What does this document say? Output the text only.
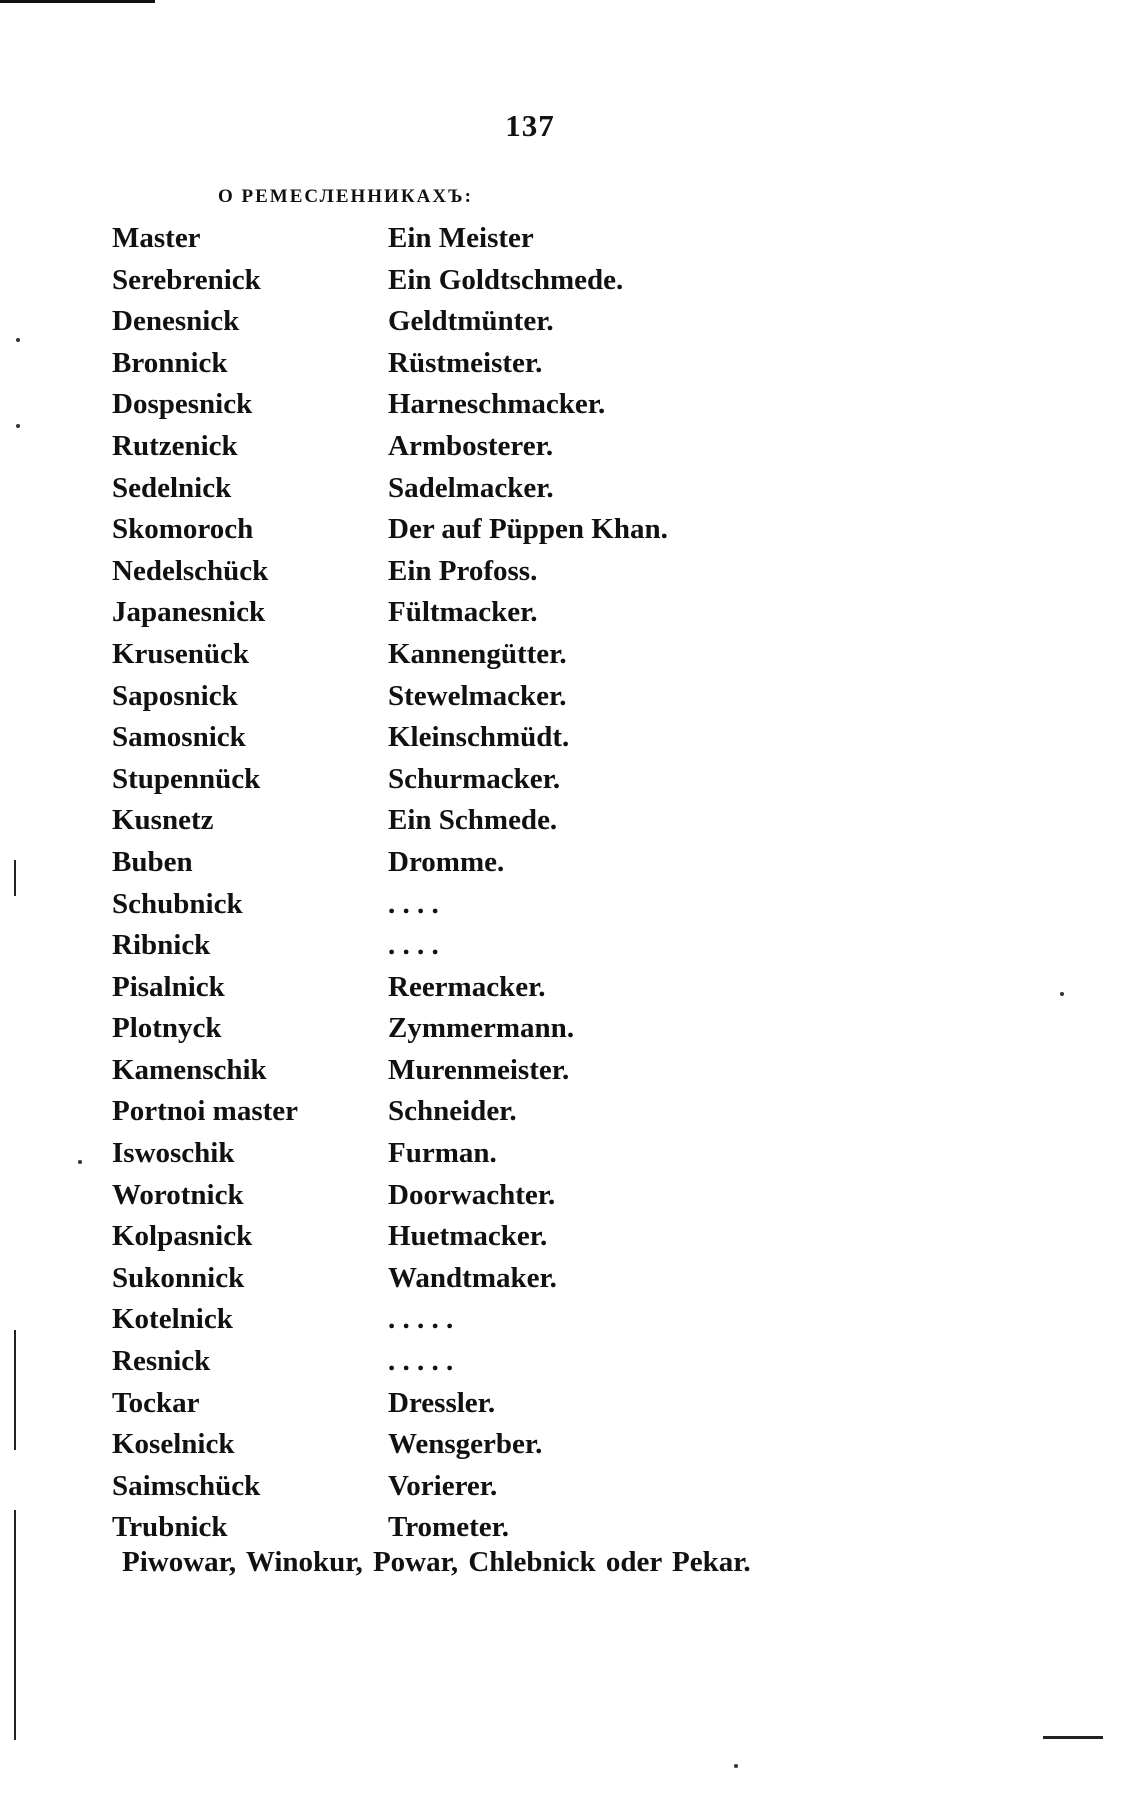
137
О РЕМЕСЛЕННИКАХЪ:
Master	Ein Meister
Serebrenick	Ein Goldtschmede.
Denesnick	Geldtmünter.
Bronnick	Rüstmeister.
Dospesnick	Harneschmacker.
Rutzenick	Armbosterer.
Sedelnick	Sadelmacker.
Skomoroch	Der auf Püppen Khan.
Nedelschück	Ein Profoss.
Japanesnick	Fültmacker.
Krusenück	Kannengütter.
Saposnick	Stewelmacker.
Samosnick	Kleinschmüdt.
Stupennück	Schurmacker.
Kusnetz	Ein Schmede.
Buben	Dromme.
Schubnick	. . . .
Ribnick	. . . .
Pisalnick	Reermacker.
Plotnyck	Zymmermann.
Kamenschik	Murenmeister.
Portnoi master	Schneider.
Iswoschik	Furman.
Worotnick	Doorwachter.
Kolpasnick	Huetmacker.
Sukonnick	Wandtmaker.
Kotelnick	. . . . .
Resnick	. . . . .
Tockar	Dressler.
Koselnick	Wensgerber.
Saimschück	Vorierer.
Trubnick	Trometer.
Piwowar, Winokur, Powar, Chlebnick oder Pekar.
